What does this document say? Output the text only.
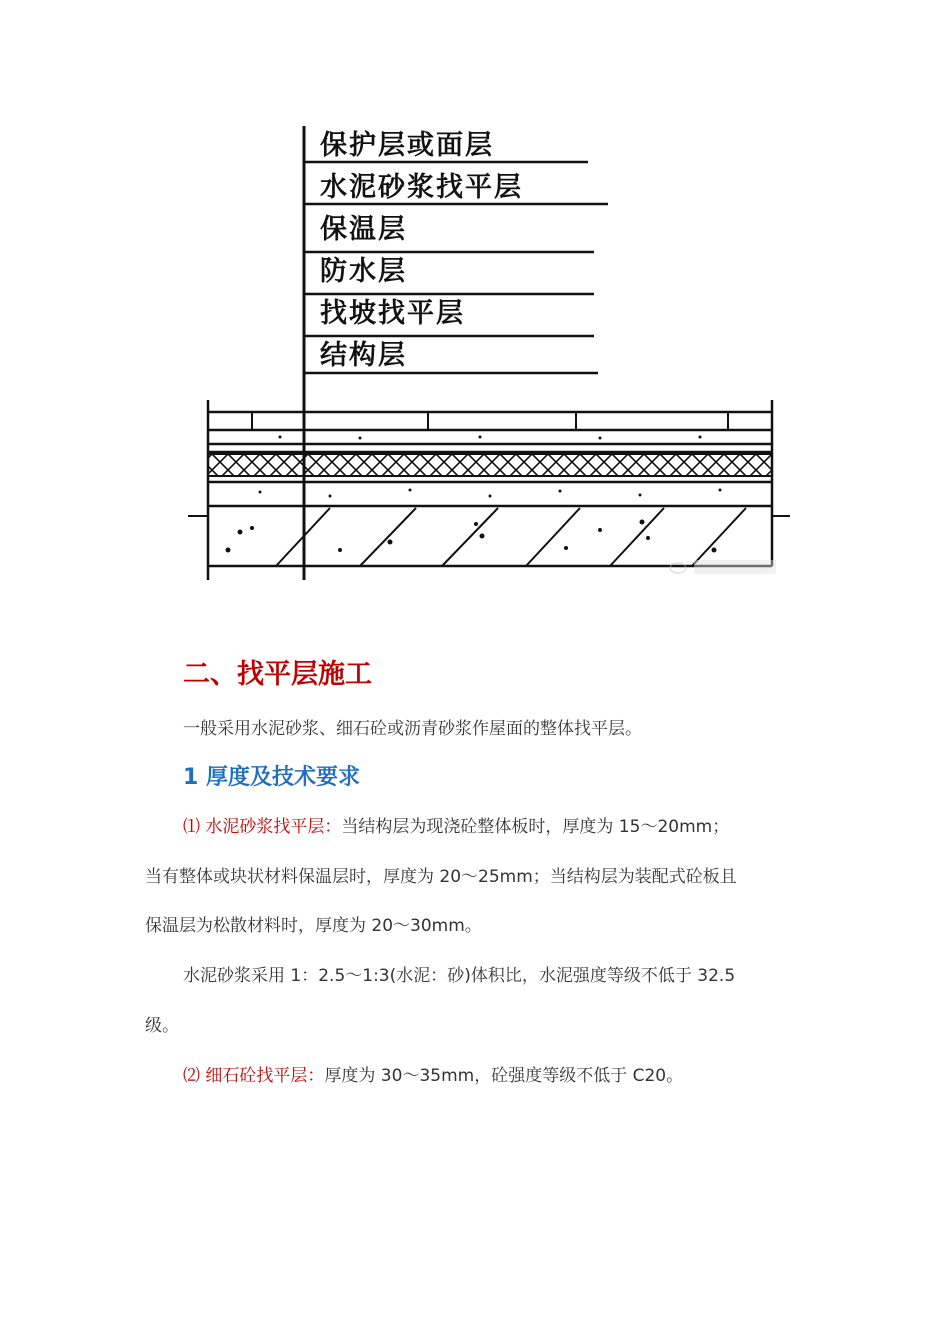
保护层或面层
水泥砂浆找平层
保温层
防水层
找坡找平层
结构层
二、找平层施工
一般采用水泥砂浆、细石砼或沥青砂浆作屋面的整体找平层。
1 厚度及技术要求
⑴ 水泥砂浆找平层：当结构层为现浇砼整体板时，厚度为 15～20mm；
当有整体或块状材料保温层时，厚度为 20～25mm；当结构层为装配式砼板且
保温层为松散材料时，厚度为 20～30mm。
水泥砂浆采用 1：2.5～1:3(水泥：砂)体积比，水泥强度等级不低于 32.5
级。
⑵ 细石砼找平层：厚度为 30～35mm，砼强度等级不低于 C20。
